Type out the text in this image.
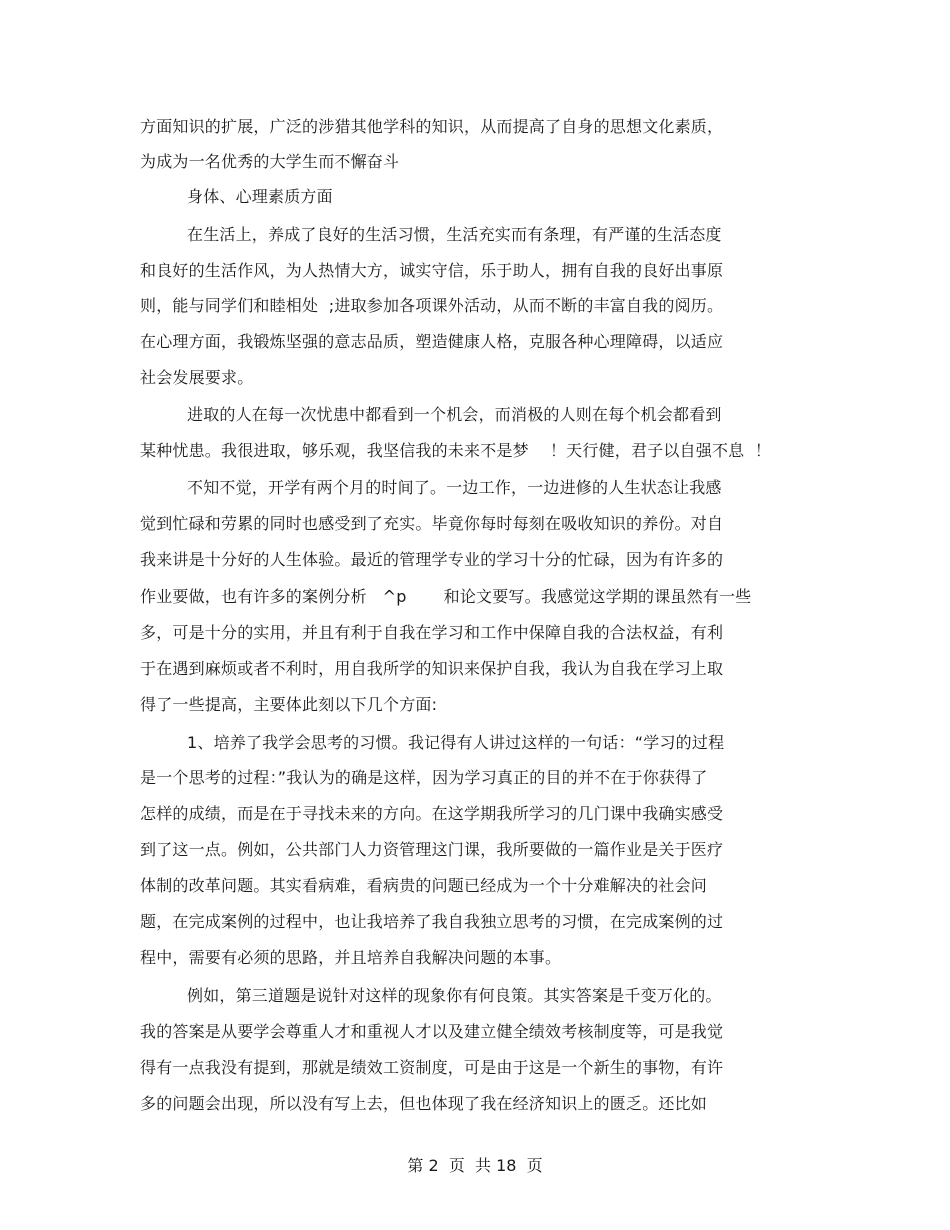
方面知识的扩展，广泛的涉猎其他学科的知识，从而提高了自身的思想文化素质，
为成为一名优秀的大学生而不懈奋斗
身体、心理素质方面
在生活上，养成了良好的生活习惯，生活充实而有条理，有严谨的生活态度
和良好的生活作风，为人热情大方，诚实守信，乐于助人，拥有自我的良好出事原
则，能与同学们和睦相处  ;进取参加各项课外活动，从而不断的丰富自我的阅历。
在心理方面，我锻炼坚强的意志品质，塑造健康人格，克服各种心理障碍，以适应
社会发展要求。
进取的人在每一次忧患中都看到一个机会，而消极的人则在每个机会都看到
某种忧患。我很进取，够乐观，我坚信我的未来不是梦    ！天行健，君子以自强不息  ！
不知不觉，开学有两个月的时间了。一边工作，一边进修的人生状态让我感
觉到忙碌和劳累的同时也感受到了充实。毕竟你每时每刻在吸收知识的养份。对自
我来讲是十分好的人生体验。最近的管理学专业的学习十分的忙碌，因为有许多的
作业要做，也有许多的案例分析   ^p       和论文要写。我感觉这学期的课虽然有一些
多，可是十分的实用，并且有利于自我在学习和工作中保障自我的合法权益，有利
于在遇到麻烦或者不利时，用自我所学的知识来保护自我，我认为自我在学习上取
得了一些提高，主要体此刻以下几个方面:
1、培养了我学会思考的习惯。我记得有人讲过这样的一句话：“学习的过程
是一个思考的过程：”我认为的确是这样，因为学习真正的目的并不在于你获得了
怎样的成绩，而是在于寻找未来的方向。在这学期我所学习的几门课中我确实感受
到了这一点。例如，公共部门人力资管理这门课，我所要做的一篇作业是关于医疗
体制的改革问题。其实看病难，看病贵的问题已经成为一个十分难解决的社会问
题，在完成案例的过程中，也让我培养了我自我独立思考的习惯，在完成案例的过
程中，需要有必须的思路，并且培养自我解决问题的本事。
例如，第三道题是说针对这样的现象你有何良策。其实答案是千变万化的。
我的答案是从要学会尊重人才和重视人才以及建立健全绩效考核制度等，可是我觉
得有一点我没有提到，那就是绩效工资制度，可是由于这是一个新生的事物，有许
多的问题会出现，所以没有写上去，但也体现了我在经济知识上的匮乏。还比如
第 2  页  共 18  页
